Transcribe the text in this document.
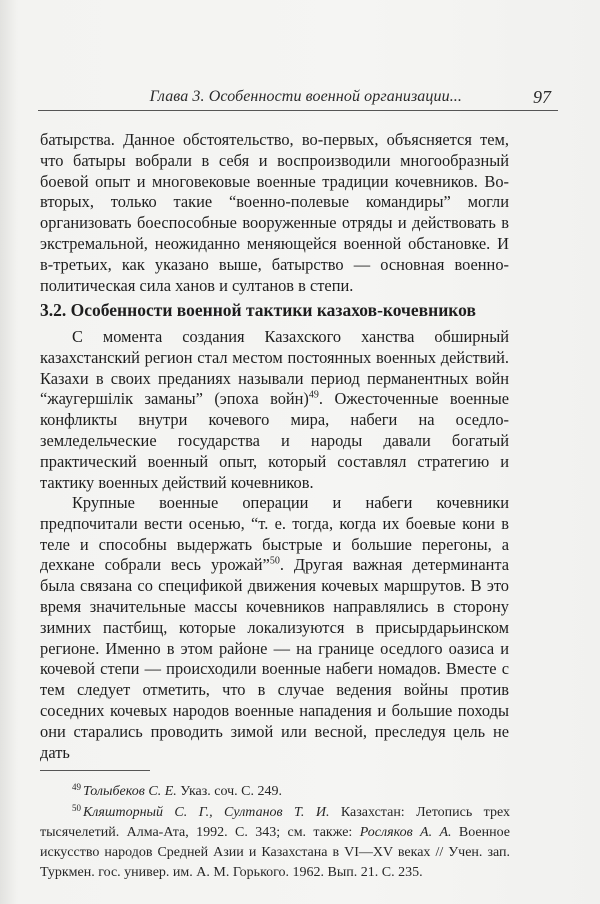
Глава 3. Особенности военной организации...	97

батырства. Данное обстоятельство, во-первых, объясняется тем, что батыры вобрали в себя и воспроизводили многообразный боевой опыт и многовековые военные традиции кочевников. Во-вторых, только такие “военно-полевые командиры” могли организовать боеспособные вооруженные отряды и действовать в экстремальной, неожиданно меняющейся военной обстановке. И в-третьих, как указано выше, батырство — основная военно-политическая сила ханов и султанов в степи.

3.2. Особенности военной тактики казахов-кочевников

С момента создания Казахского ханства обширный казахстанский регион стал местом постоянных военных действий. Казахи в своих преданиях называли период перманентных войн “жаугершiлiк заманы” (эпоха войн)$^{49}$. Ожесточенные военные конфликты внутри кочевого мира, набеги на оседло-земледельческие государства и народы давали богатый практический военный опыт, который составлял стратегию и тактику военных действий кочевников.

Крупные военные операции и набеги кочевники предпочитали вести осенью, “т. е. тогда, когда их боевые кони в теле и способны выдержать быстрые и большие перегоны, а дехкане собрали весь урожай”$^{50}$. Другая важная детерминанта была связана со спецификой движения кочевых маршрутов. В это время значительные массы кочевников направлялись в сторону зимних пастбищ, которые локализуются в присырдарьинском регионе. Именно в этом районе — на границе оседлого оазиса и кочевой степи — происходили военные набеги номадов. Вместе с тем следует отметить, что в случае ведения войны против соседних кочевых народов военные нападения и большие походы они старались проводить зимой или весной, преследуя цель не дать

$^{49}$ Толыбеков С. Е. Указ. соч. С. 249.

$^{50}$ Кляшторный С. Г., Султанов Т. И. Казахстан: Летопись трех тысячелетий. Алма-Ата, 1992. С. 343; см. также: Росляков А. А. Военное искусство народов Средней Азии и Казахстана в VI—XV веках // Учен. зап. Туркмен. гос. унивеp. им. А. М. Горького. 1962. Вып. 21. С. 235.
